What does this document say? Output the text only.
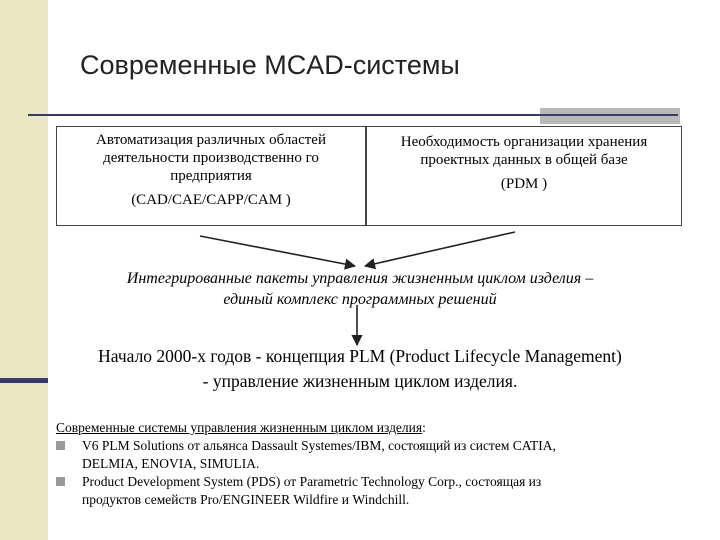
Современные MCAD-системы
Автоматизация различных областей
деятельности производственно го
предприятия
(CAD/CAE/CAPP/CAM )
Необходимость организации хранения
проектных данных в общей базе
(PDM )
Интегрированные пакеты управления жизненным циклом изделия –
единый комплекс программных решений
Начало 2000-х годов - концепция PLM (Product Lifecycle Management)
- управление жизненным циклом изделия.
Современные системы управления жизненным циклом изделия:
V6 PLM Solutions от альянса Dassault Systemes/IBM, состоящий из систем CATIA,
DELMIA, ENOVIA, SIMULIA.
Product Development System (PDS) от Parametric Technology Corp., состоящая из
продуктов семейств Pro/ENGINEER Wildfire и Windchill.
